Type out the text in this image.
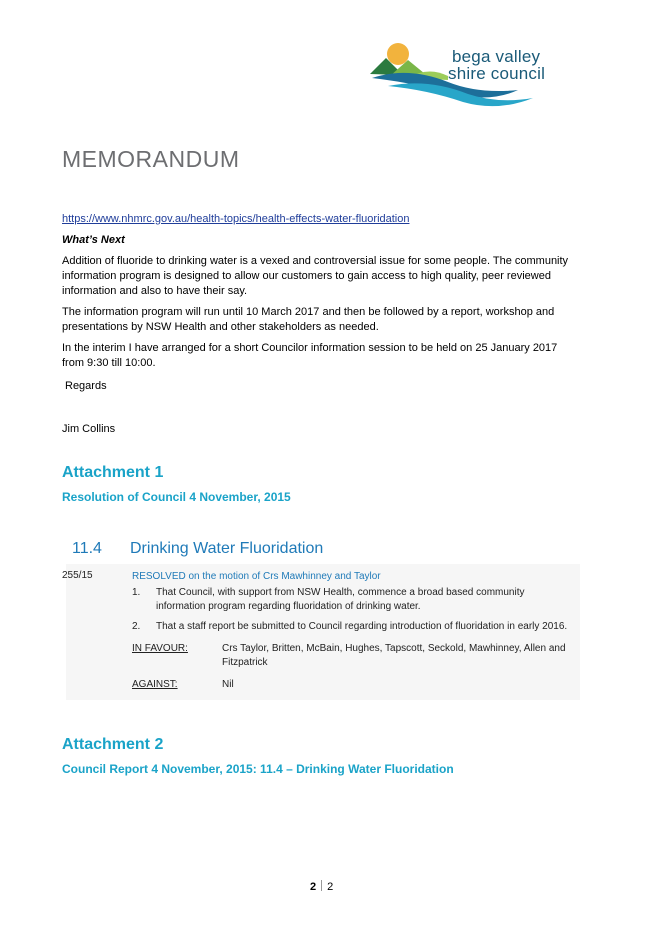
bega valley
shire council
MEMORANDUM

https://www.nhmrc.gov.au/health-topics/health-effects-water-fluoridation

What’s Next

Addition of fluoride to drinking water is a vexed and controversial issue for some people. The community information program is designed to allow our customers to gain access to high quality, peer reviewed information and also to have their say.

The information program will run until 10 March 2017 and then be followed by a report, workshop and presentations by NSW Health and other stakeholders as needed.

In the interim I have arranged for a short Councilor information session to be held on 25 January 2017 from 9:30 till 10:00.

Regards

Jim Collins

Attachment 1
Resolution of Council 4 November, 2015
11.4 Drinking Water Fluoridation
255/15	RESOLVED on the motion of Crs Mawhinney and Taylor
1. That Council, with support from NSW Health, commence a broad based community information program regarding fluoridation of drinking water.
2. That a staff report be submitted to Council regarding introduction of fluoridation in early 2016.
IN FAVOUR:	Crs Taylor, Britten, McBain, Hughes, Tapscott, Seckold, Mawhinney, Allen and Fitzpatrick
AGAINST:	Nil
Attachment 2
Council Report 4 November, 2015: 11.4 – Drinking Water Fluoridation
2 2
